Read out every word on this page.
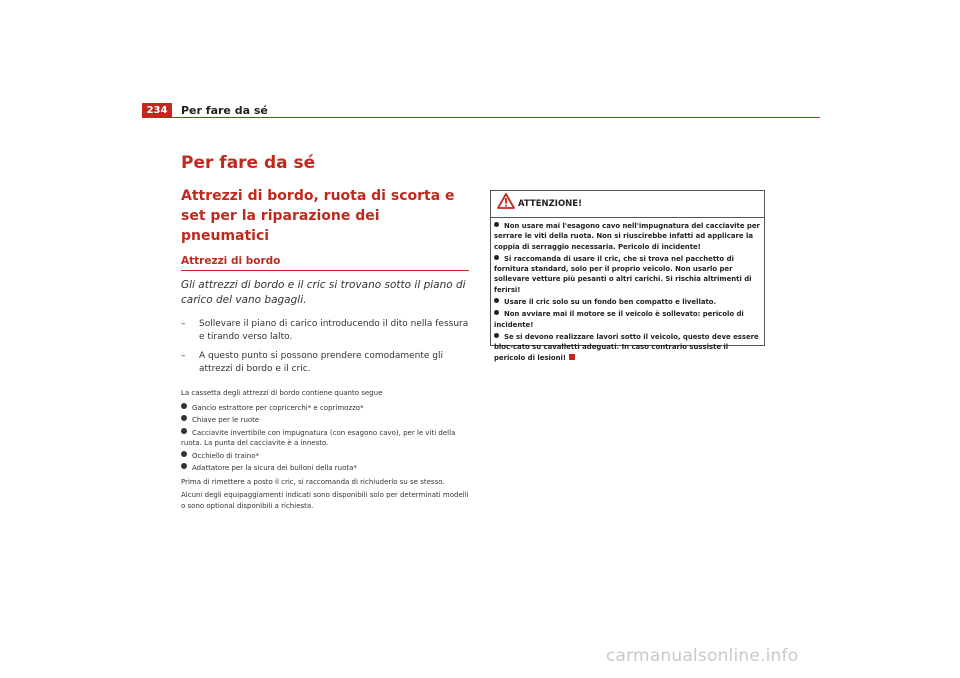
234	Per fare da sé
Per fare da sé
Attrezzi di bordo, ruota di scorta e set per la riparazione dei pneumatici
Attrezzi di bordo
Gli attrezzi di bordo e il cric si trovano sotto il piano di carico del vano bagagli.
– Sollevare il piano di carico introducendo il dito nella fessura e tirando verso lalto.
– A questo punto si possono prendere comodamente gli attrezzi di bordo e il cric.

La cassetta degli attrezzi di bordo contiene quanto segue

Gancio estrattore per copricerchi* e coprimozzo*
Chiave per le ruote
Cacciavite invertibile con impugnatura (con esagono cavo), per le viti della ruota. La punta del cacciavite è a innesto.
Occhiello di traino*
Adattatore per la sicura dei bulloni della ruota*
Prima di rimettere a posto il cric, si raccomanda di richiuderlo su se stesso.
Alcuni degli equipaggiamenti indicati sono disponibili solo per determinati modelli o sono optional disponibili a richiesta.
ATTENZIONE!
Non usare mai l'esagono cavo nell'impugnatura del cacciavite per serrare le viti della ruota. Non si riuscirebbe infatti ad applicare la coppia di serraggio necessaria. Pericolo di incidente!
Si raccomanda di usare il cric, che si trova nel pacchetto di fornitura standard, solo per il proprio veicolo. Non usarlo per sollevare vetture più pesanti o altri carichi. Si rischia altrimenti di ferirsi!
Usare il cric solo su un fondo ben compatto e livellato.
Non avviare mai il motore se il veicolo è sollevato: pericolo di incidente!
Se si devono realizzare lavori sotto il veicolo, questo deve essere bloc-cato su cavalletti adeguati. In caso contrario sussiste il pericolo di lesioni!
carmanualsonline.info
